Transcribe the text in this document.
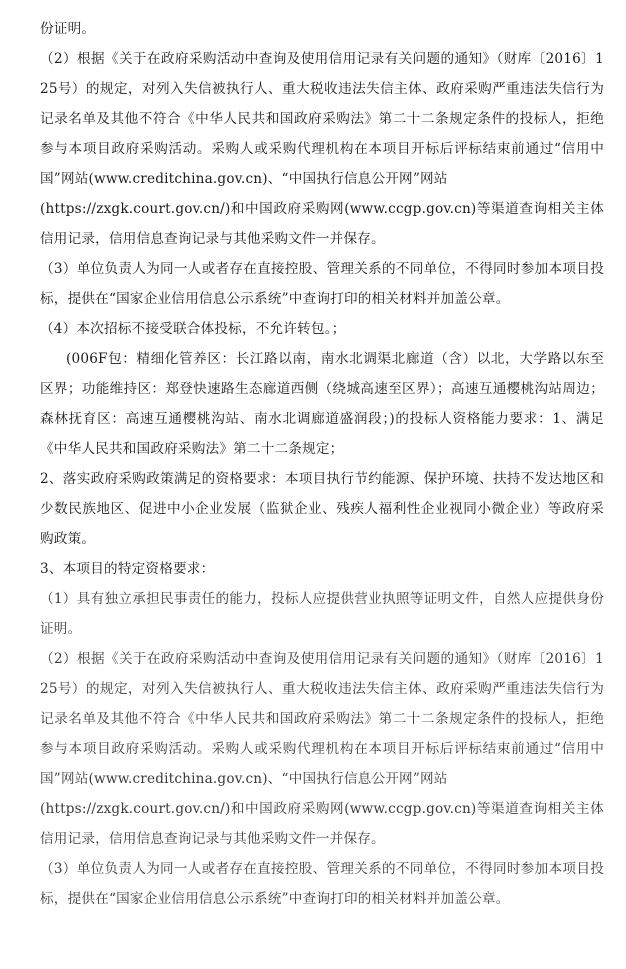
份证明。

（2）根据《关于在政府采购活动中查询及使用信用记录有关问题的通知》（财库〔2016〕125号）的规定，对列入失信被执行人、重大税收违法失信主体、政府采购严重违法失信行为记录名单及其他不符合《中华人民共和国政府采购法》第二十二条规定条件的投标人，拒绝参与本项目政府采购活动。采购人或采购代理机构在本项目开标后评标结束前通过“信用中国”网站(www.creditchina.gov.cn)、“中国执行信息公开网”网站

(https://zxgk.court.gov.cn/)和中国政府采购网(www.ccgp.gov.cn)等渠道查询相关主体信用记录，信用信息查询记录与其他采购文件一并保存。

（3）单位负责人为同一人或者存在直接控股、管理关系的不同单位，不得同时参加本项目投标，提供在“国家企业信用信息公示系统”中查询打印的相关材料并加盖公章。

（4）本次招标不接受联合体投标，不允许转包。；

(006F包：精细化管养区：长江路以南，南水北调渠北廊道（含）以北，大学路以东至区界；功能维持区：郑登快速路生态廊道西侧（绕城高速至区界）；高速互通樱桃沟站周边；森林抚育区：高速互通樱桃沟站、南水北调廊道盛润段；)的投标人资格能力要求：1、满足《中华人民共和国政府采购法》第二十二条规定；

2、落实政府采购政策满足的资格要求：本项目执行节约能源、保护环境、扶持不发达地区和少数民族地区、促进中小企业发展（监狱企业、残疾人福利性企业视同小微企业）等政府采购政策。

3、本项目的特定资格要求：

（1）具有独立承担民事责任的能力，投标人应提供营业执照等证明文件，自然人应提供身份证明。

（2）根据《关于在政府采购活动中查询及使用信用记录有关问题的通知》（财库〔2016〕125号）的规定，对列入失信被执行人、重大税收违法失信主体、政府采购严重违法失信行为记录名单及其他不符合《中华人民共和国政府采购法》第二十二条规定条件的投标人，拒绝参与本项目政府采购活动。采购人或采购代理机构在本项目开标后评标结束前通过“信用中国”网站(www.creditchina.gov.cn)、“中国执行信息公开网”网站

(https://zxgk.court.gov.cn/)和中国政府采购网(www.ccgp.gov.cn)等渠道查询相关主体信用记录，信用信息查询记录与其他采购文件一并保存。

（3）单位负责人为同一人或者存在直接控股、管理关系的不同单位，不得同时参加本项目投标，提供在“国家企业信用信息公示系统”中查询打印的相关材料并加盖公章。
